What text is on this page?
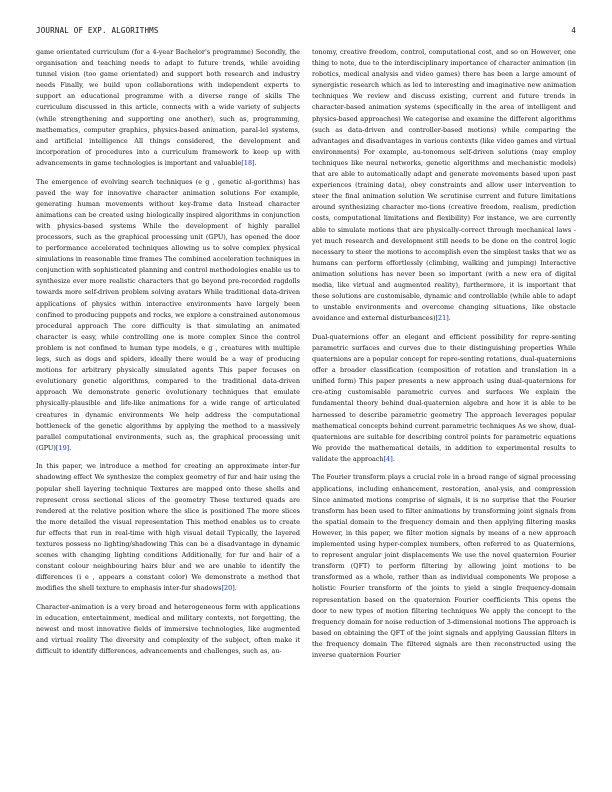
JOURNAL OF EXP. ALGORITHMS	4

game orientated curriculum (for a 4-year Bachelor's programme) Secondly, the organisation and teaching needs to adapt to future trends, while avoiding tunnel vision (too game orientated) and support both research and industry needs Finally, we build upon collaborations with independent experts to support an educational programme with a diverse range of skills The curriculum discussed in this article, connects with a wide variety of subjects (while strengthening and supporting one another), such as, programming, mathematics, computer graphics, physics-based animation, paral-lel systems, and artificial intelligence All things considered, the development and incorporation of procedures into a curriculum framework to keep up with advancements in game technologies is important and valuable[18].

The emergence of evolving search techniques (e g , genetic al-gorithms) has paved the way for innovative character animation solutions For example, generating human movements without key-frame data Instead character animations can be created using biologically inspired algorithms in conjunction with physics-based systems While the development of highly parallel processors, such as the graphical processing unit (GPU), has opened the door to performance accelerated techniques allowing us to solve complex physical simulations in reasonable time frames The combined acceleration techniques in conjunction with sophisticated planning and control methodologies enable us to synthesize ever more realistic characters that go beyond pre-recorded ragdolls towards more self-driven problem solving avatars While traditional data-driven applications of physics within interactive environments have largely been confined to producing puppets and rocks, we explore a constrained autonomous procedural approach The core difficulty is that simulating an animated character is easy, while controlling one is more complex Since the control problem is not confined to human type models, e g , creatures with multiple legs, such as dogs and spiders, ideally there would be a way of producing motions for arbitrary physically simulated agents This paper focuses on evolutionary genetic algorithms, compared to the traditional data-driven approach We demonstrate generic evolutionary techniques that emulate physically-plausible and life-like animations for a wide range of articulated creatures in dynamic environments We help address the computational bottleneck of the genetic algorithms by applying the method to a massively parallel computational environments, such as, the graphical processing unit (GPU)[19].

In this paper, we introduce a method for creating an approximate inter-fur shadowing effect We synthesize the complex geometry of fur and hair using the popular shell layering technique Textures are mapped onto these shells and represent cross sectional slices of the geometry These textured quads are rendered at the relative position where the slice is positioned The more slices the more detailed the visual representation This method enables us to create fur effects that run in real-time with high visual detail Typically, the layered textures possess no lighting/shadowing This can be a disadvantage in dynamic scenes with changing lighting conditions Additionally, for fur and hair of a constant colour neighbouring hairs blur and we are unable to identify the differences (i e , appears a constant color) We demonstrate a method that modifies the shell texture to emphasis inter-fur shadows[20].

Character-animation is a very broad and heterogeneous form with applications in education, entertainment, medical and military contexts, not forgetting, the newest and most innovative fields of immersive technologies, like augmented and virtual reality The diversity and complexity of the subject, often make it difficult to identify differences, advancements and challenges, such as, au-

tonomy, creative freedom, control, computational cost, and so on However, one thing to note, due to the interdisciplinary importance of character animation (in robotics, medical analysis and video games) there has been a large amount of synergistic research which as led to interesting and imaginative new animation techniques We review and discuss existing, current and future trends in character-based animation systems (specifically in the area of intelligent and physics-based approaches) We categorise and examine the different algorithms (such as data-driven and controller-based motions) while comparing the advantages and disadvantages in various contexts (like video games and virtual environments) For example, au-tonomous self-driven solutions (may employ techniques like neural networks, genetic algorithms and mechanistic models) that are able to automatically adapt and generate movements based upon past experiences (training data), obey constraints and allow user intervention to steer the final animation solution We scrutinise current and future limitations around synthesizing character mo-tions (creative freedom, realism, prediction costs, computational limitations and flexibility) For instance, we are currently able to simulate motions that are physically-correct through mechanical laws - yet much research and development still needs to be done on the control logic necessary to steer the motions to accomplish even the simplest tasks that we as humans can perform effortlessly (climbing, walking and jumping) Interactive animation solutions has never been so important (with a new era of digital media, like virtual and augmented reality), furthermore, it is important that these solutions are customisable, dynamic and controllable (while able to adapt to unstable environments and overcome changing situations, like obstacle avoidance and external disturbances)[21].

Dual-quaternions offer an elegant and efficient possibility for repre-senting parametric surfaces and curves due to their distinguishing properties While quaternions are a popular concept for repre-senting rotations, dual-quaternions offer a broader classification (composition of rotation and translation in a unified form) This paper presents a new approach using dual-quaternions for cre-ating customisable parametric curves and surfaces We explain the fundamental theory behind dual-quaternion algebra and how it is able to be harnessed to describe parametric geometry The approach leverages popular mathematical concepts behind current parametric techniques As we show, dual-quaternions are suitable for describing control points for parametric equations We provide the mathematical details, in addition to experimental results to validate the approach[4].

The Fourier transform plays a crucial role in a broad range of signal processing applications, including enhancement, restoration, anal-ysis, and compression Since animated motions comprise of signals, it is no surprise that the Fourier transform has been used to filter animations by transforming joint signals from the spatial domain to the frequency domain and then applying filtering masks However, in this paper, we filter motion signals by means of a new approach implemented using hyper-complex numbers, often referred to as Quaternions, to represent angular joint displacements We use the novel quaternion Fourier transform (QFT) to perform filtering by allowing joint motions to be transformed as a whole, rather than as individual components We propose a holistic Fourier transform of the joints to yield a single frequency-domain representation based on the quaternion Fourier coefficients This opens the door to new types of motion filtering techniques We apply the concept to the frequency domain for noise reduction of 3-dimensional motions The approach is based on obtaining the QFT of the joint signals and applying Gaussian filters in the frequency domain The filtered signals are then reconstructed using the inverse quaternion Fourier
